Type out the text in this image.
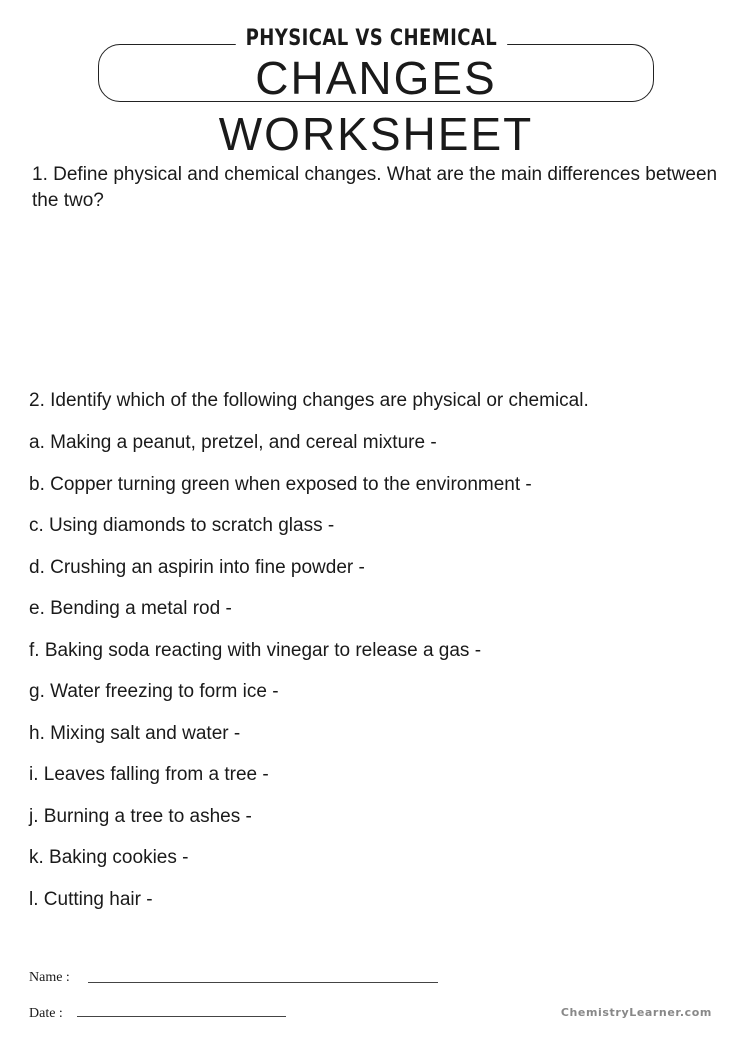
PHYSICAL VS CHEMICAL
CHANGES WORKSHEET
1. Define physical and chemical changes. What are the main differences between the two?
2. Identify which of the following changes are physical or chemical.
a. Making a peanut, pretzel, and cereal mixture -
b. Copper turning green when exposed to the environment -
c. Using diamonds to scratch glass -
d. Crushing an aspirin into fine powder -
e. Bending a metal rod -
f. Baking soda reacting with vinegar to release a gas -
g. Water freezing to form ice -
h. Mixing salt and water -
i. Leaves falling from a tree -
j. Burning a tree to ashes -
k. Baking cookies -
l. Cutting hair -
Name :
Date :	ChemistryLearner.com
